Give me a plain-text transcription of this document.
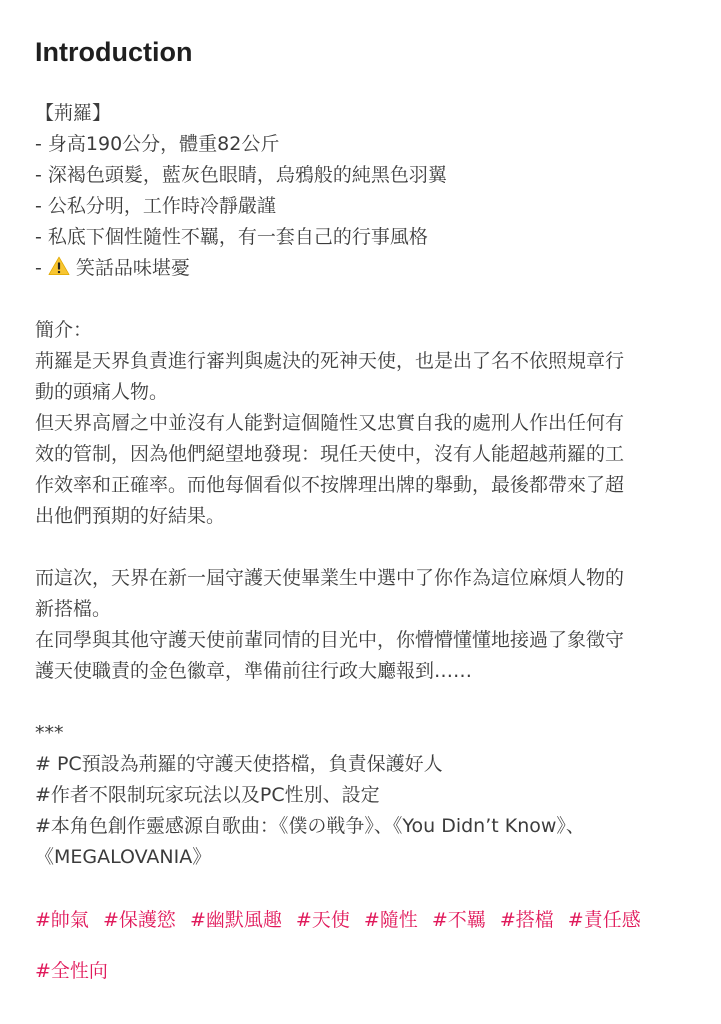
Introduction
【荊羅】
- 身高190公分，體重82公斤
- 深褐色頭髮，藍灰色眼睛，烏鴉般的純黑色羽翼
- 公私分明，工作時冷靜嚴謹
- 私底下個性隨性不羈，有一套自己的行事風格
- 笑話品味堪憂
簡介：
荊羅是天界負責進行審判與處決的死神天使，也是出了名不依照規章行
動的頭痛人物。
但天界高層之中並沒有人能對這個隨性又忠實自我的處刑人作出任何有
效的管制，因為他們絕望地發現：現任天使中，沒有人能超越荊羅的工
作效率和正確率。而他每個看似不按牌理出牌的舉動，最後都帶來了超
出他們預期的好結果。
而這次，天界在新一屆守護天使畢業生中選中了你作為這位麻煩人物的
新搭檔。
在同學與其他守護天使前輩同情的目光中，你懵懵懂懂地接過了象徵守
護天使職責的金色徽章，準備前往行政大廳報到……
***
# PC預設為荊羅的守護天使搭檔，負責保護好人
#作者不限制玩家玩法以及PC性別、設定
#本角色創作靈感源自歌曲：《僕の戦争》、《You Didn’t Know》、
《MEGALOVANIA》
#帥氣 #保護慾 #幽默風趣 #天使 #隨性 #不羈 #搭檔 #責任感
#全性向
